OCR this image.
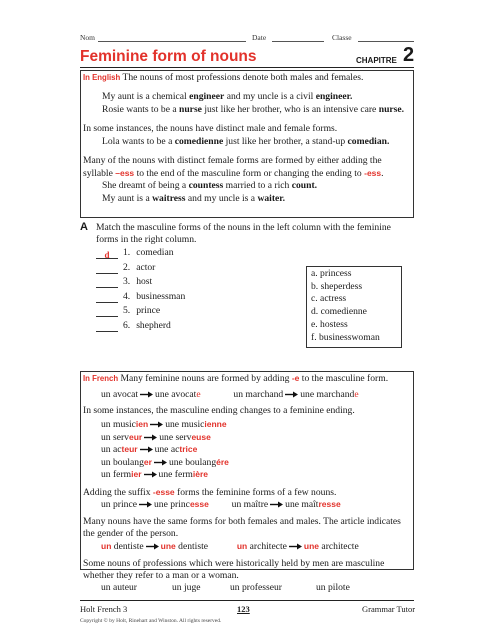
Nom	Date	Classe
Feminine form of nouns	CHAPITRE 2
In English The nouns of most professions denote both males and females.
My aunt is a chemical engineer and my uncle is a civil engineer.
Rosie wants to be a nurse just like her brother, who is an intensive care nurse.
In some instances, the nouns have distinct male and female forms.
Lola wants to be a comedienne just like her brother, a stand-up comedian.
Many of the nouns with distinct female forms are formed by either adding the
syllable –ess to the end of the masculine form or changing the ending to -ess.
She dreamt of being a countess married to a rich count.
My aunt is a waitress and my uncle is a waiter.
A Match the masculine forms of the nouns in the left column with the feminine
forms in the right column.
d 1. comedian
2. actor
3. host
4. businessman
5. prince
6. shepherd
a. princess
b. sheperdess
c. actress
d. comedienne
e. hostess
f. businesswoman
In French Many feminine nouns are formed by adding -e to the masculine form.
un avocat une avocate	un marchand une marchande
In some instances, the masculine ending changes to a feminine ending.
un musicien une musicienne
un serveur une serveuse
un acteur une actrice
un boulanger une boulangére
un fermier une fermière
Adding the suffix -esse forms the feminine forms of a few nouns.
un prince une princesse un maître une maîtresse
Many nouns have the same forms for both females and males. The article indicates
the gender of the person.
un dentiste une dentiste	un architecte une architecte
Some nouns of professions which were historically held by men are masculine
whether they refer to a man or a woman.
un auteur	un juge	un professeur	un pilote
Holt French 3	123	Grammar Tutor
Copyright © by Holt, Rinehart and Winston. All rights reserved.
